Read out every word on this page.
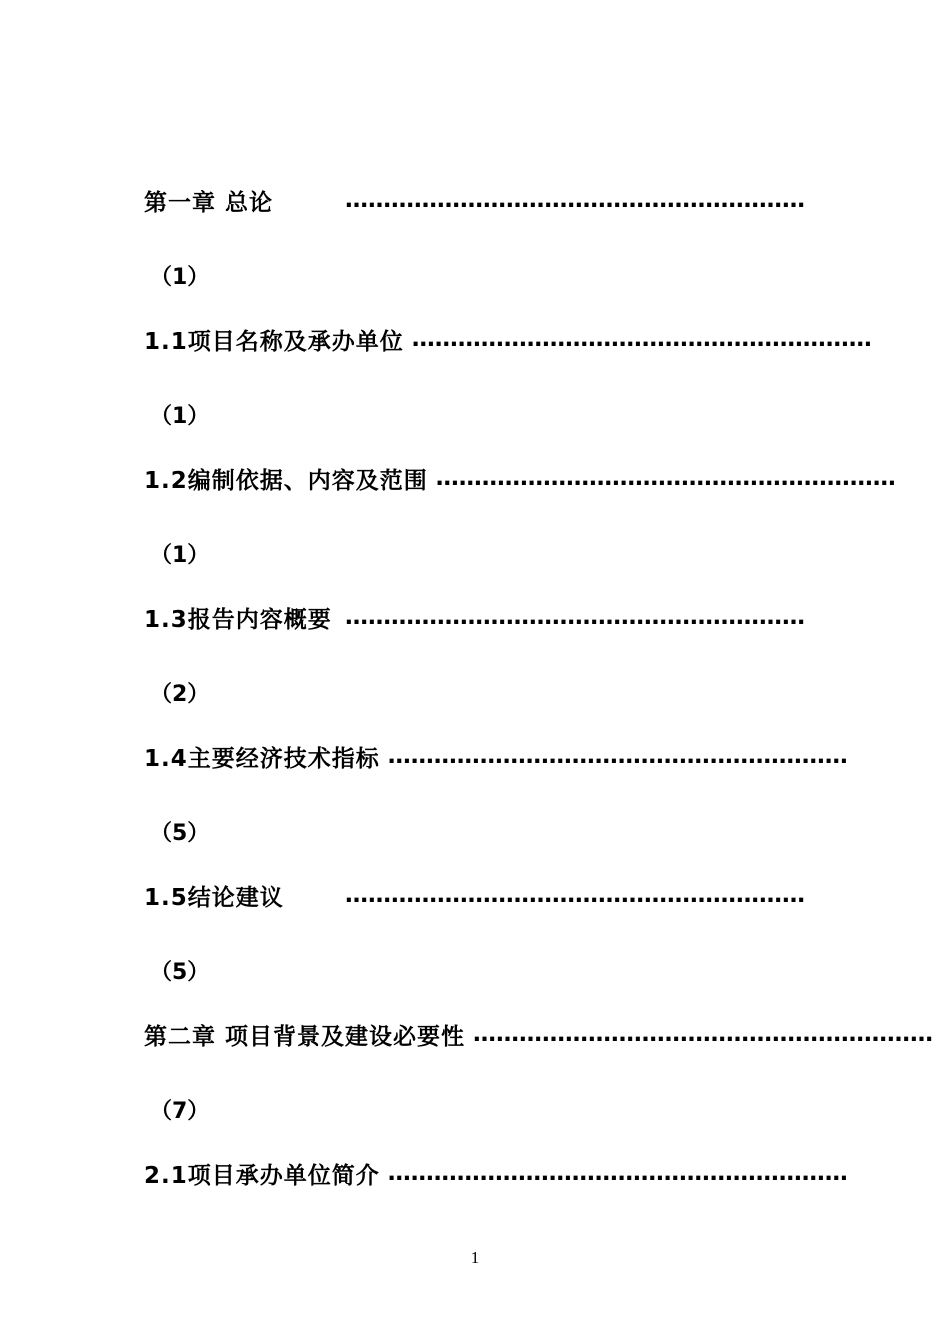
第一章 总论	……………………………………………………
（1）
1.1项目名称及承办单位 ……………………………………………………
（1）
1.2编制依据、内容及范围 ……………………………………………………
（1）
1.3报告内容概要 ……………………………………………………
（2）
1.4主要经济技术指标 ……………………………………………………
（5）
1.5结论建议	……………………………………………………
（5）
第二章 项目背景及建设必要性 ……………………………………………………
（7）
2.1项目承办单位简介 ……………………………………………………
1
